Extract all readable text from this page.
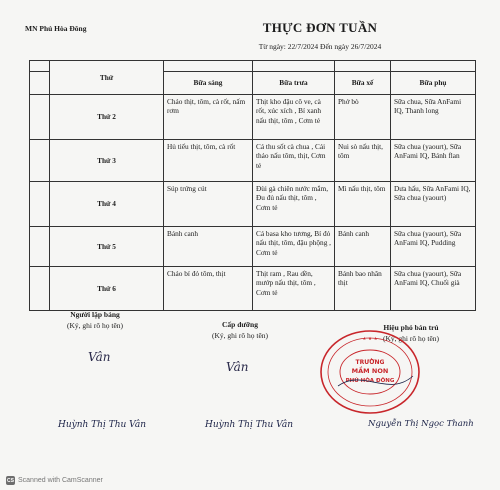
MN Phú Hòa Đông	THỰC ĐƠN TUẦN
Từ ngày: 22/7/2024 Đến ngày 26/7/2024
	Thứ				
		Bữa sáng	Bữa trưa	Bữa xế	Bữa phụ
	Thứ 2	Cháo thịt, tôm, cà rốt, nấm rơm	Thịt kho đậu cô ve, cà rốt, xúc xích , Bí xanh nấu thịt, tôm , Cơm tẻ	Phở bò	Sữa chua, Sữa AnFami IQ, Thanh long
	Thứ 3	Hủ tiếu thịt, tôm, cà rốt	Cá thu sốt cà chua , Cải thảo nấu tôm, thịt, Cơm tẻ	Nui sò nấu thịt, tôm	Sữa chua (yaourt), Sữa AnFami IQ, Bánh flan
	Thứ 4	Súp trứng cút	Đùi gà chiên nước mắm, Đu đủ nấu thịt, tôm , Cơm tẻ	Mì nấu thịt, tôm	Dưa hấu, Sữa AnFami IQ, Sữa chua (yaourt)
	Thứ 5	Bánh canh	Cá basa kho tương, Bí đỏ nấu thịt, tôm, đậu phộng , Cơm tẻ	Bánh canh	Sữa chua (yaourt), Sữa AnFami IQ, Pudding
	Thứ 6	Cháo bí đỏ tôm, thịt	Thịt ram , Rau dền, mướp nấu thịt, tôm , Cơm tẻ	Bánh bao nhân thịt	Sữa chua (yaourt), Sữa AnFami IQ, Chuối già
Người lập bảng
(Ký, ghi rõ họ tên)
Vân
Huỳnh Thị Thu Vân
Cấp dưỡng
(Ký, ghi rõ họ tên)
Vân
Huỳnh Thị Thu Vân
Hiệu phó bán trú
(Ký, ghi rõ họ tên)
TRƯỜNG
MẦM NON
PHÚ HÒA ĐÔNG
★ ★ ★
Nguyễn Thị Ngọc Thanh
CS Scanned with CamScanner
